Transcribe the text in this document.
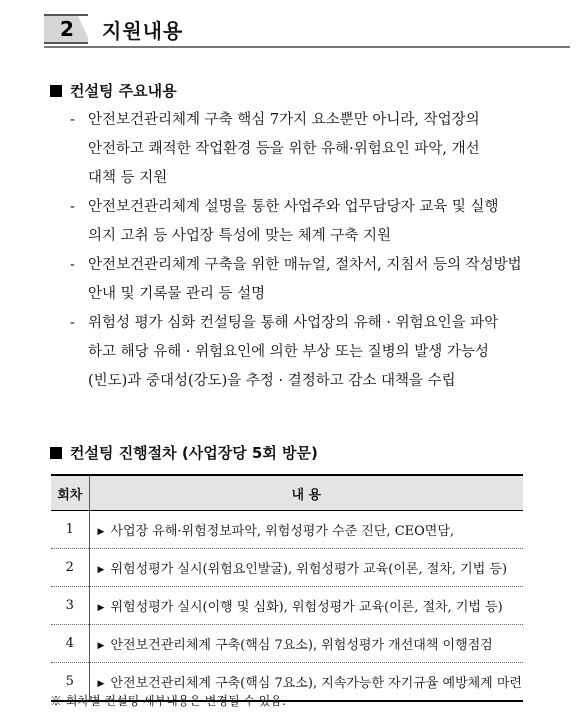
2 지원내용
컨설팅 주요내용
- 안전보건관리체계 구축 핵심 7가지 요소뿐만 아니라, 작업장의
안전하고 쾌적한 작업환경 등을 위한 유해·위험요인 파악, 개선
대책 등 지원
- 안전보건관리체계 설명을 통한 사업주와 업무담당자 교육 및 실행
의지 고취 등 사업장 특성에 맞는 체계 구축 지원
- 안전보건관리체계 구축을 위한 매뉴얼, 절차서, 지침서 등의 작성방법
안내 및 기록물 관리 등 설명
- 위험성 평가 심화 컨설팅을 통해 사업장의 유해 · 위험요인을 파악
하고 해당 유해 · 위험요인에 의한 부상 또는 질병의 발생 가능성
(빈도)과 중대성(강도)을 추정 · 결정하고 감소 대책을 수립
컨설팅 진행절차 (사업장당 5회 방문)
회차	내 용
1	▶ 사업장 유해·위험정보파악, 위험성평가 수준 진단, CEO면담,
2	▶ 위험성평가 실시(위험요인발굴), 위험성평가 교육(이론, 절차, 기법 등)
3	▶ 위험성평가 실시(이행 및 심화), 위험성평가 교육(이론, 절차, 기법 등)
4	▶ 안전보건관리체계 구축(핵심 7요소), 위험성평가 개선대책 이행점검
5	▶ 안전보건관리체계 구축(핵심 7요소), 지속가능한 자기규율 예방체계 마련
※ 회차별 컨설팅 세부내용은 변경될 수 있음.
